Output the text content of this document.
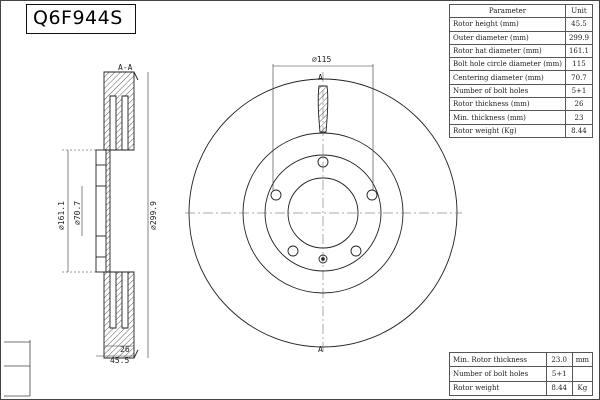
A-A
⌀161.1 ⌀70.7	⌀299.9
26
45.5
⌀115
A
A
Q6F944S	Parameter	Unit
Rotor height (mm)	45.5
Outer diameter (mm)	299.9
Rotor hat diameter (mm)	161.1
Bolt hole circle diameter (mm)	115
Centering diameter (mm)	70.7
Number of bolt holes	5+1
Rotor thickness (mm)	26
Min. thickness (mm)	23
Rotor weight (Kg)	8.44
Min. Rotor thickness	23.0	mm
Number of bolt holes	5+1	
Rotor weight	8.44	Kg
